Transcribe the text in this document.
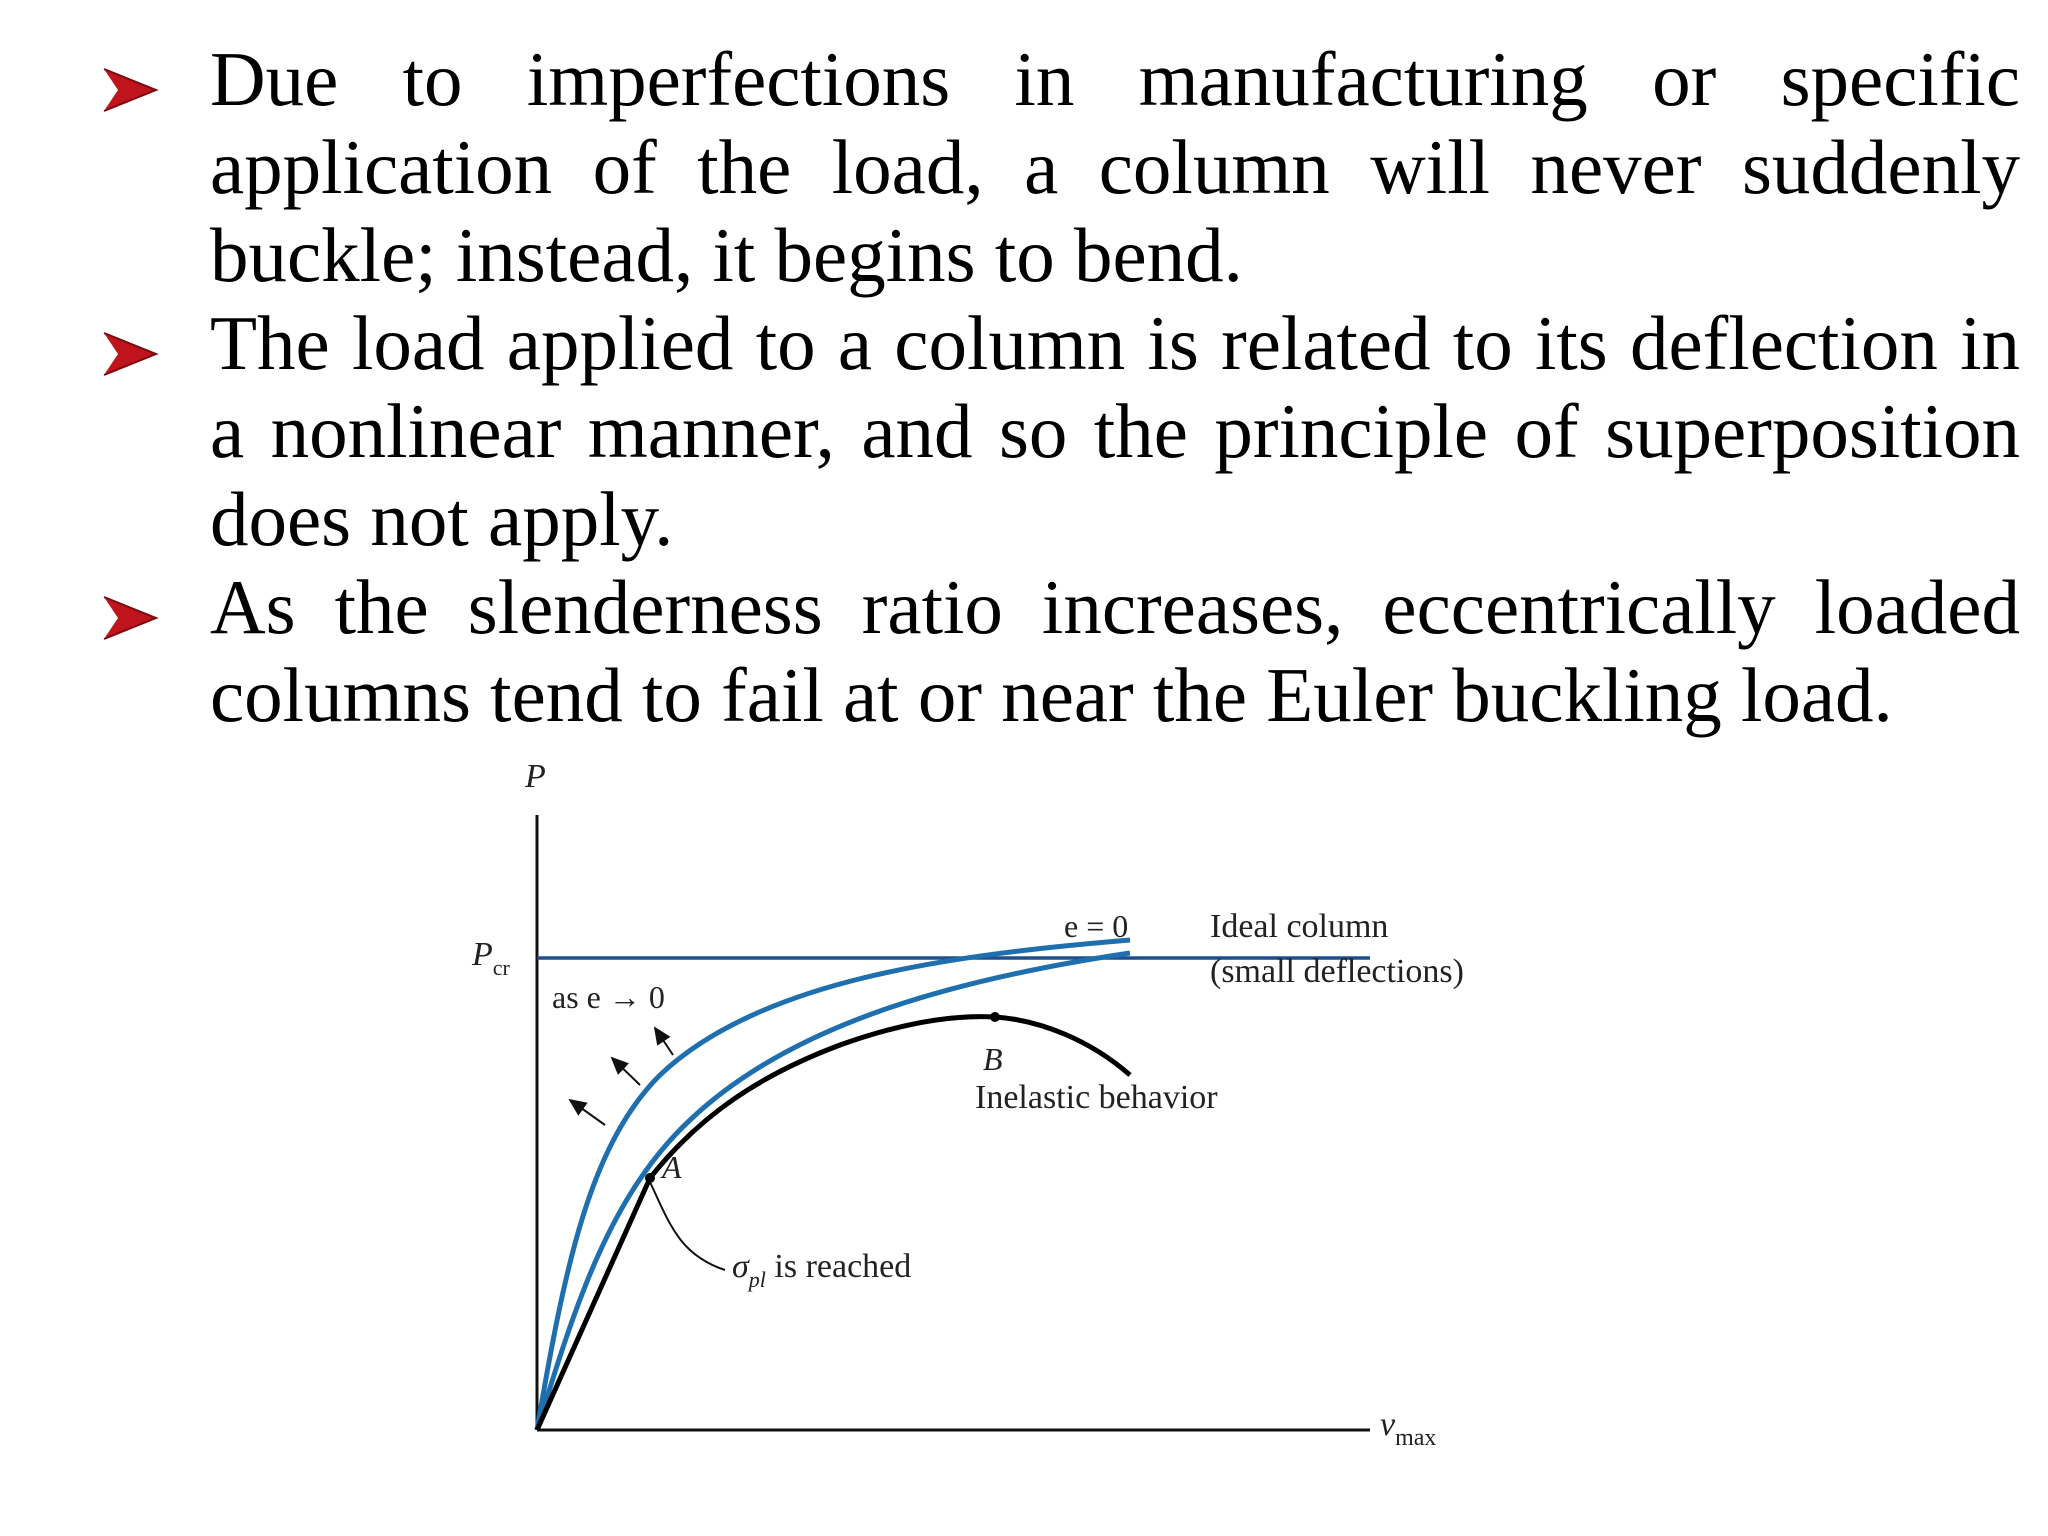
Due to imperfections in manufacturing or specific application of the load, a column will never suddenly buckle; instead, it begins to bend.

The load applied to a column is related to its deflection in a nonlinear manner, and so the principle of superposition does not apply.

As the slenderness ratio increases, eccentrically loaded columns tend to fail at or near the Euler buckling load.

P
$P_{cr}$
e = 0 Ideal column
(small deflections)
as e → 0
A
B
Inelastic behavior
$\sigma_{pl}$ is reached
$v_{max}$
